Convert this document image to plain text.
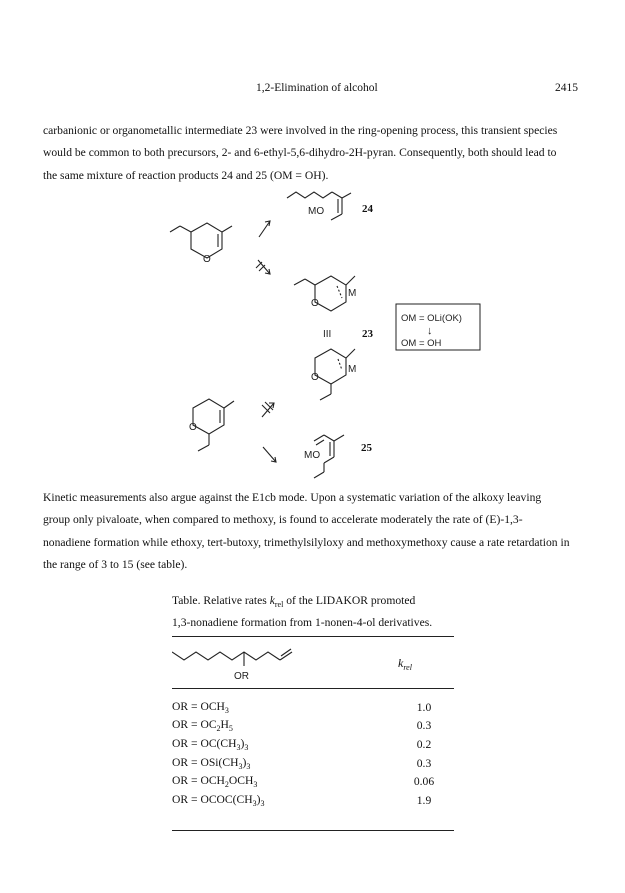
1,2-Elimination of alcohol	2415
carbanionic or organometallic intermediate 23 were involved in the ring-opening process, this transient species
would be common to both precursors, 2- and 6-ethyl-5,6-dihydro-2H-pyran. Consequently, both should lead to
the same mixture of reaction products 24 and 25 (OM = OH).
O
MO	24
O
M
III	23
O
M
OM = OLi(OK)
↓
OM = OH
O
MO
25
Kinetic measurements also argue against the E1cb mode. Upon a systematic variation of the alkoxy leaving
group only pivaloate, when compared to methoxy, is found to accelerate moderately the rate of (E)-1,3-
nonadiene formation while ethoxy, tert-butoxy, trimethylsilyloxy and methoxymethoxy cause a rate retardation in
the range of 3 to 15 (see table).
Table. Relative rates $k_{rel}$ of the LIDAKOR promoted
1,3-nonadiene formation from 1-nonen-4-ol derivatives.
OR
$k_{rel}$
OR = $OCH_3$	1.0
OR = $OC_2H_5$	0.3
OR = $OC(CH_3)_3$	0.2
OR = $OSi(CH_3)_3$	0.3
OR = $OCH_2OCH_3$	0.06
OR = $OCOC(CH_3)_3$	1.9
